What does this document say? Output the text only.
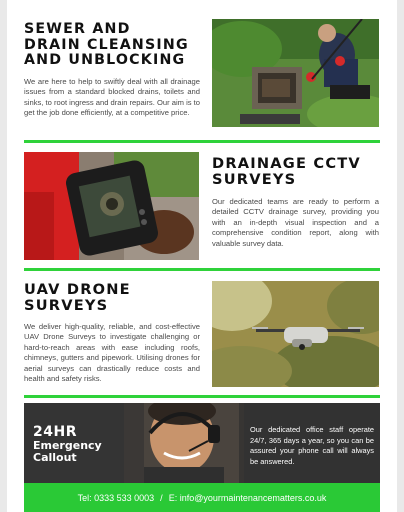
SEWER AND
DRAIN CLEANSING
AND UNBLOCKING
We are here to help to swiftly deal with all drainage issues from a standard blocked drains, toilets and sinks, to root ingress and drain repairs. Our aim is to get the job done efficiently, at a competitive price.
DRAINAGE CCTV
SURVEYS
Our dedicated teams are ready to perform a detailed CCTV drainage survey, providing you with an in-depth visual inspection and a comprehensive condition report, along with valuable survey data.
UAV DRONE
SURVEYS
We deliver high-quality, reliable, and cost-effective UAV Drone Surveys to investigate challenging or hard-to-reach areas with ease including roofs, chimneys, gutters and pipework. Utilising drones for aerial surveys can drastically reduce costs and health and safety risks.
24HR
Emergency
Callout
Our dedicated office staff operate 24/7, 365 days a year, so you can be assured your phone call will always be answered.
Tel: 0333 533 0003 / E: info@yourmaintenancematters.co.uk
